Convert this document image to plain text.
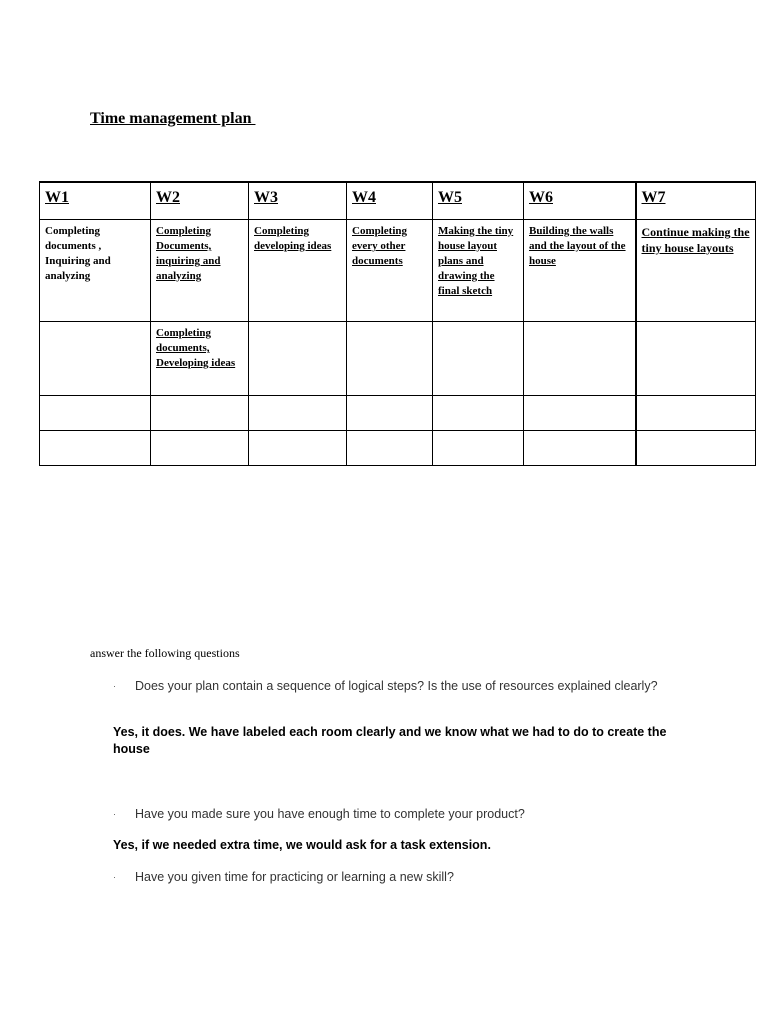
Time management plan
W1	W2	W3	W4	W5	W6	W7

Completing documents , Inquiring and analyzing	Completing Documents, inquiring and analyzing	Completing developing ideas	Completing every other documents	Making the tiny house layout plans and drawing the final sketch	Building the walls and the layout of the house	Continue making the tiny house layouts

	Completing documents, Developing ideas					

answer the following questions
· Does your plan contain a sequence of logical steps? Is the use of resources explained clearly?
Yes, it does. We have labeled each room clearly and we know what we had to do to create the house
· Have you made sure you have enough time to complete your product?
Yes, if we needed extra time, we would ask for a task extension.
· Have you given time for practicing or learning a new skill?
